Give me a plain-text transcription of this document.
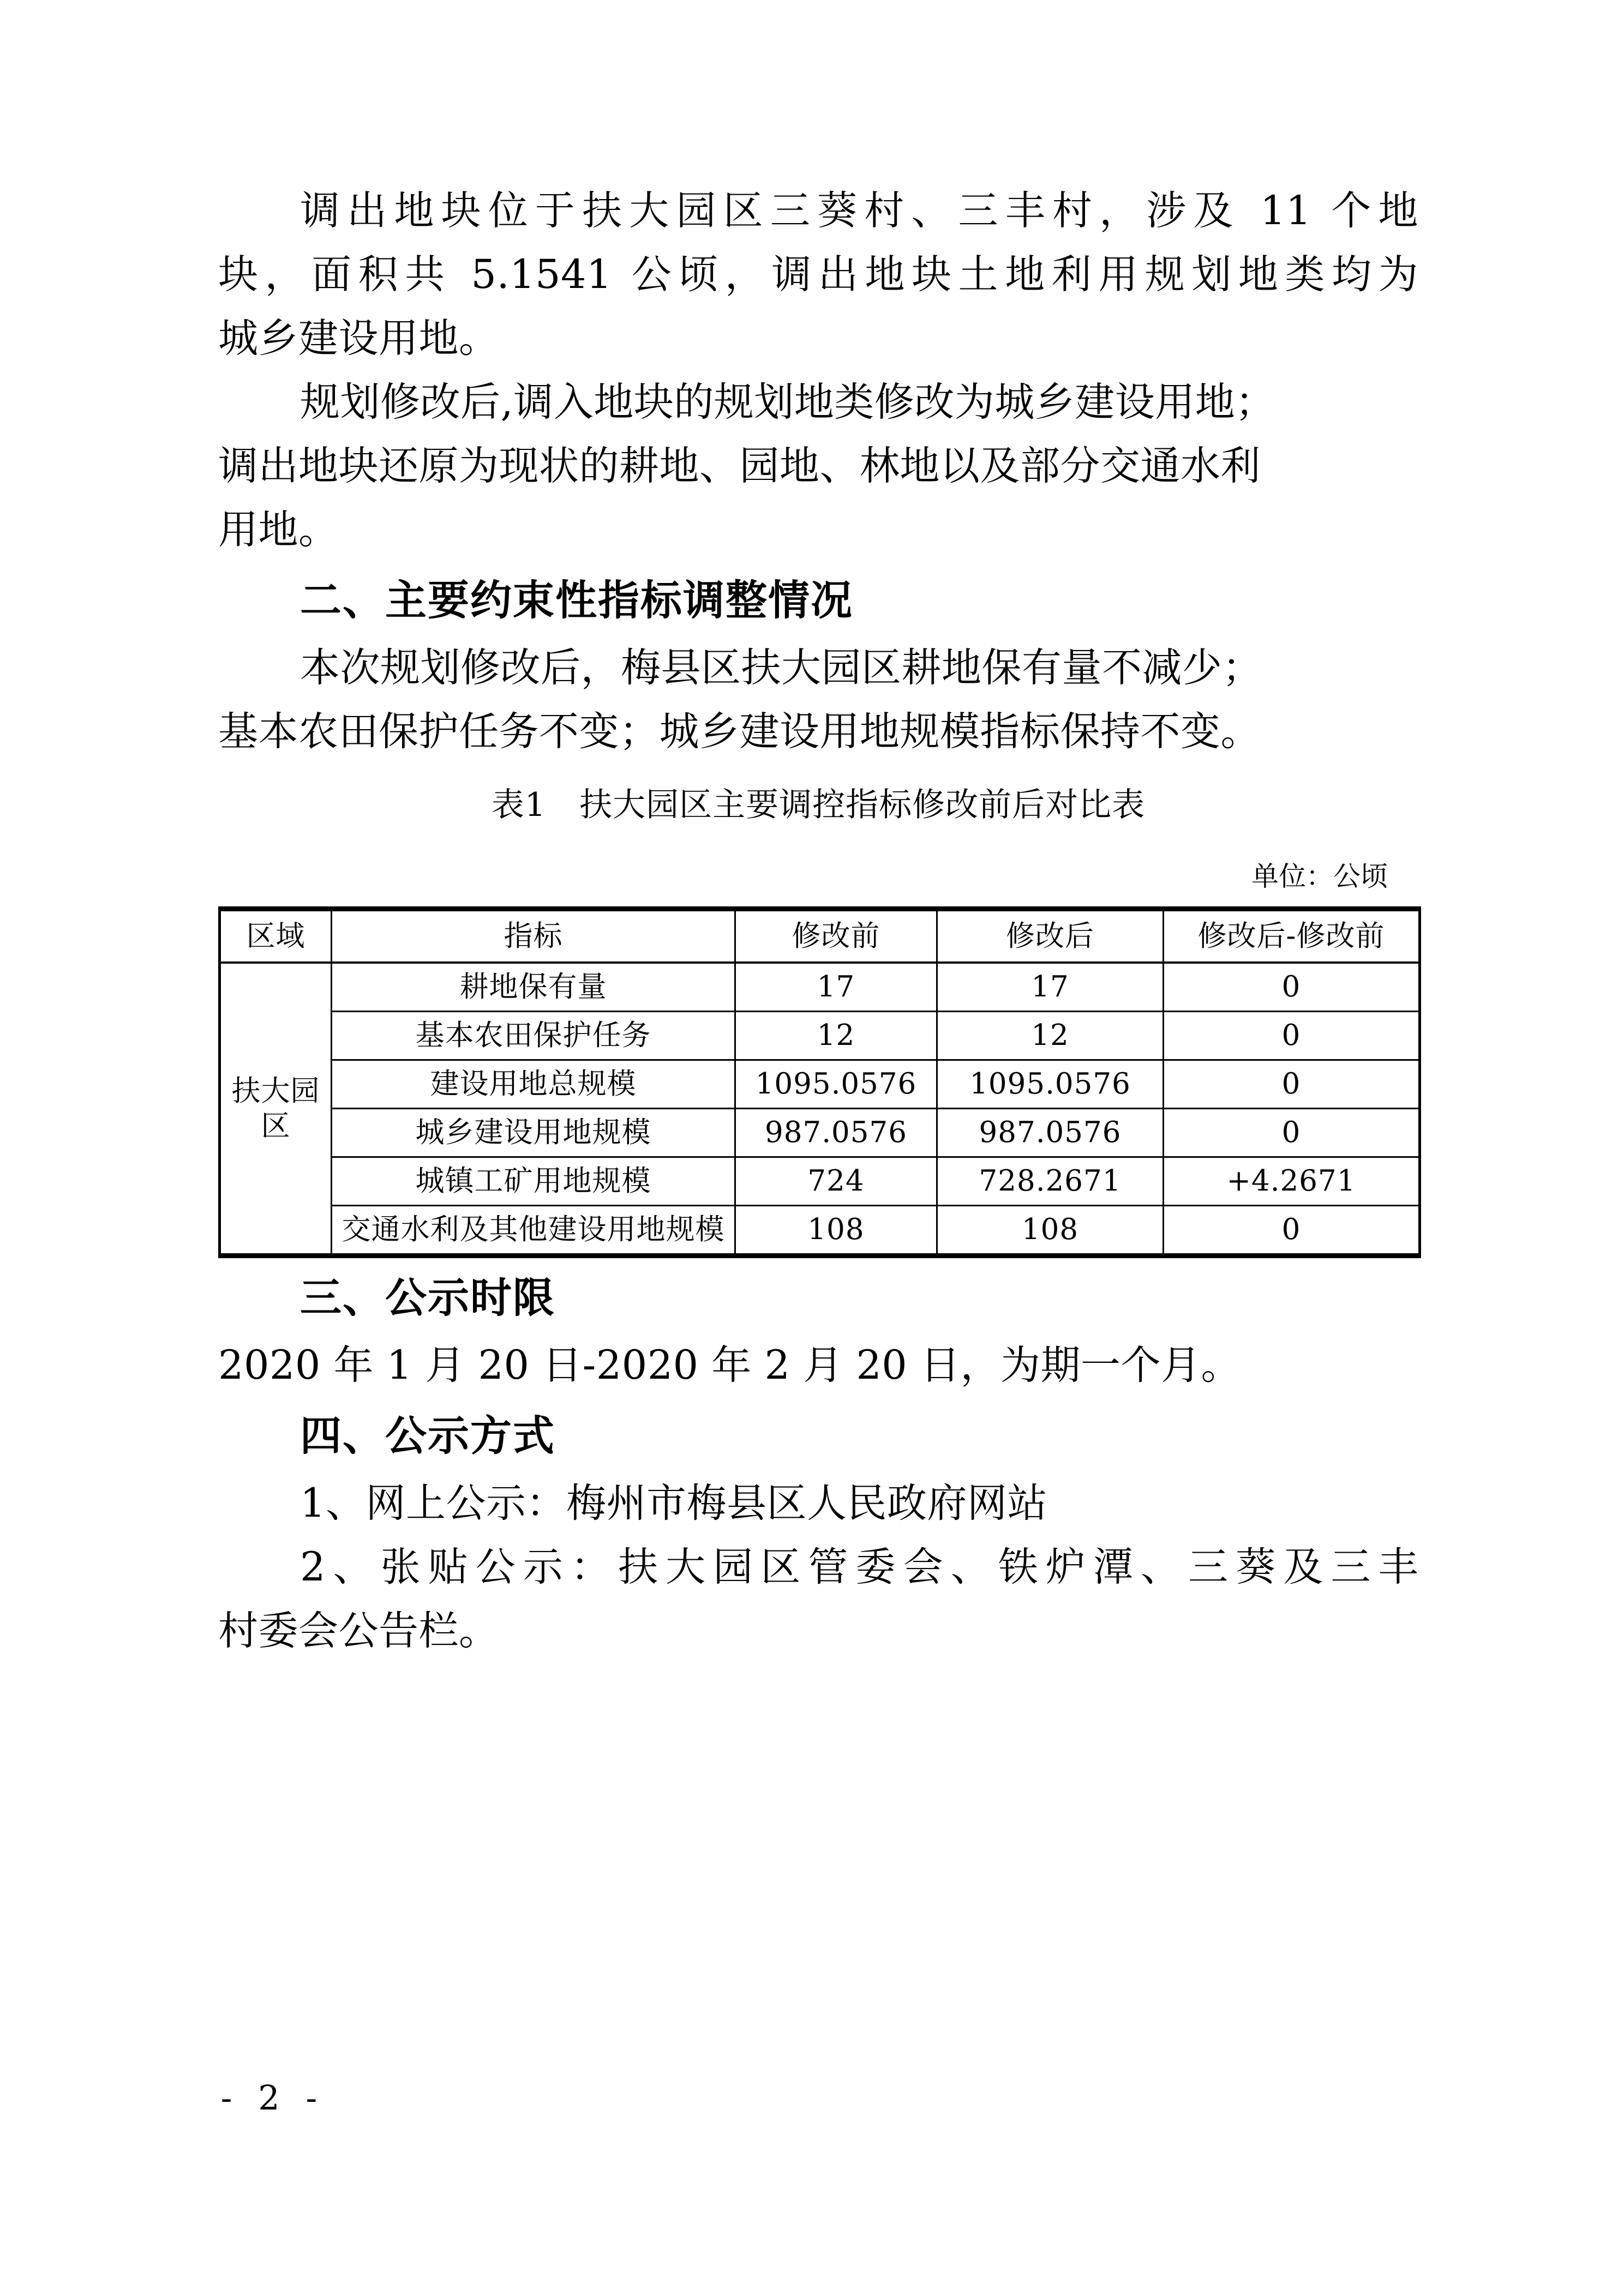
调出地块位于扶大园区三葵村、三丰村，涉及 11 个地

块，面积共 5.1541 公顷，调出地块土地利用规划地类均为

城乡建设用地。

规划修改后,调入地块的规划地类修改为城乡建设用地；

调出地块还原为现状的耕地、园地、林地以及部分交通水利

用地。

二、主要约束性指标调整情况

本次规划修改后，梅县区扶大园区耕地保有量不减少；

基本农田保护任务不变；城乡建设用地规模指标保持不变。

表1　扶大园区主要调控指标修改前后对比表
单位：公顷
区域	指标	修改前	修改后	修改后-修改前
扶大园区	耕地保有量	17	17	0
	基本农田保护任务	12	12	0
	建设用地总规模	1095.0576	1095.0576	0
	城乡建设用地规模	987.0576	987.0576	0
	城镇工矿用地规模	724	728.2671	+4.2671
	交通水利及其他建设用地规模	108	108	0
三、公示时限

2020 年 1 月 20 日-2020 年 2 月 20 日，为期一个月。

四、公示方式

1、网上公示：梅州市梅县区人民政府网站

2、张贴公示：扶大园区管委会、铁炉潭、三葵及三丰

村委会公告栏。

- 2 -
